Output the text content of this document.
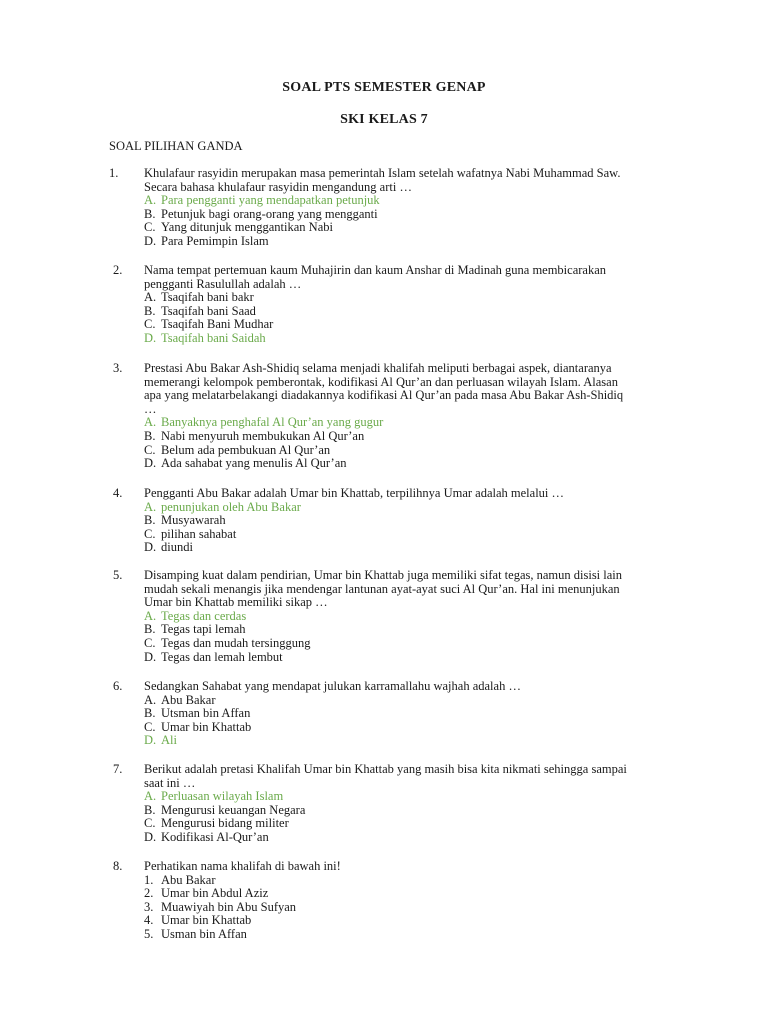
SOAL PTS SEMESTER GENAP
SKI KELAS 7
SOAL PILIHAN GANDA
1.	Khulafaur rasyidin merupakan masa pemerintah Islam setelah wafatnya Nabi Muhammad Saw.
Secara bahasa khulafaur rasyidin mengandung arti …
A. Para pengganti yang mendapatkan petunjuk
B. Petunjuk bagi orang-orang yang mengganti
C. Yang ditunjuk menggantikan Nabi
D. Para Pemimpin Islam
2.	Nama tempat pertemuan kaum Muhajirin dan kaum Anshar di Madinah guna membicarakan
pengganti Rasulullah adalah …
A. Tsaqifah bani bakr
B. Tsaqifah bani Saad
C. Tsaqifah Bani Mudhar
D. Tsaqifah bani Saidah
3.	Prestasi Abu Bakar Ash-Shidiq selama menjadi khalifah meliputi berbagai aspek, diantaranya
memerangi kelompok pemberontak, kodifikasi Al Qur’an dan perluasan wilayah Islam. Alasan
apa yang melatarbelakangi diadakannya kodifikasi Al Qur’an pada masa Abu Bakar Ash-Shidiq
…
A. Banyaknya penghafal Al Qur’an yang gugur
B. Nabi menyuruh membukukan Al Qur’an
C. Belum ada pembukuan Al Qur’an
D. Ada sahabat yang menulis Al Qur’an
4.	Pengganti Abu Bakar adalah Umar bin Khattab, terpilihnya Umar adalah melalui …
A. penunjukan oleh Abu Bakar
B. Musyawarah
C. pilihan sahabat
D. diundi
5.	Disamping kuat dalam pendirian, Umar bin Khattab juga memiliki sifat tegas, namun disisi lain
mudah sekali menangis jika mendengar lantunan ayat-ayat suci Al Qur’an. Hal ini menunjukan
Umar bin Khattab memiliki sikap …
A. Tegas dan cerdas
B. Tegas tapi lemah
C. Tegas dan mudah tersinggung
D. Tegas dan lemah lembut
6.	Sedangkan Sahabat yang mendapat julukan karramallahu wajhah adalah …
A. Abu Bakar
B. Utsman bin Affan
C. Umar bin Khattab
D. Ali
7.	Berikut adalah pretasi Khalifah Umar bin Khattab yang masih bisa kita nikmati sehingga sampai
saat ini …
A. Perluasan wilayah Islam
B. Mengurusi keuangan Negara
C. Mengurusi bidang militer
D. Kodifikasi Al-Qur’an
8.	Perhatikan nama khalifah di bawah ini!
1. Abu Bakar
2. Umar bin Abdul Aziz
3. Muawiyah bin Abu Sufyan
4. Umar bin Khattab
5. Usman bin Affan
